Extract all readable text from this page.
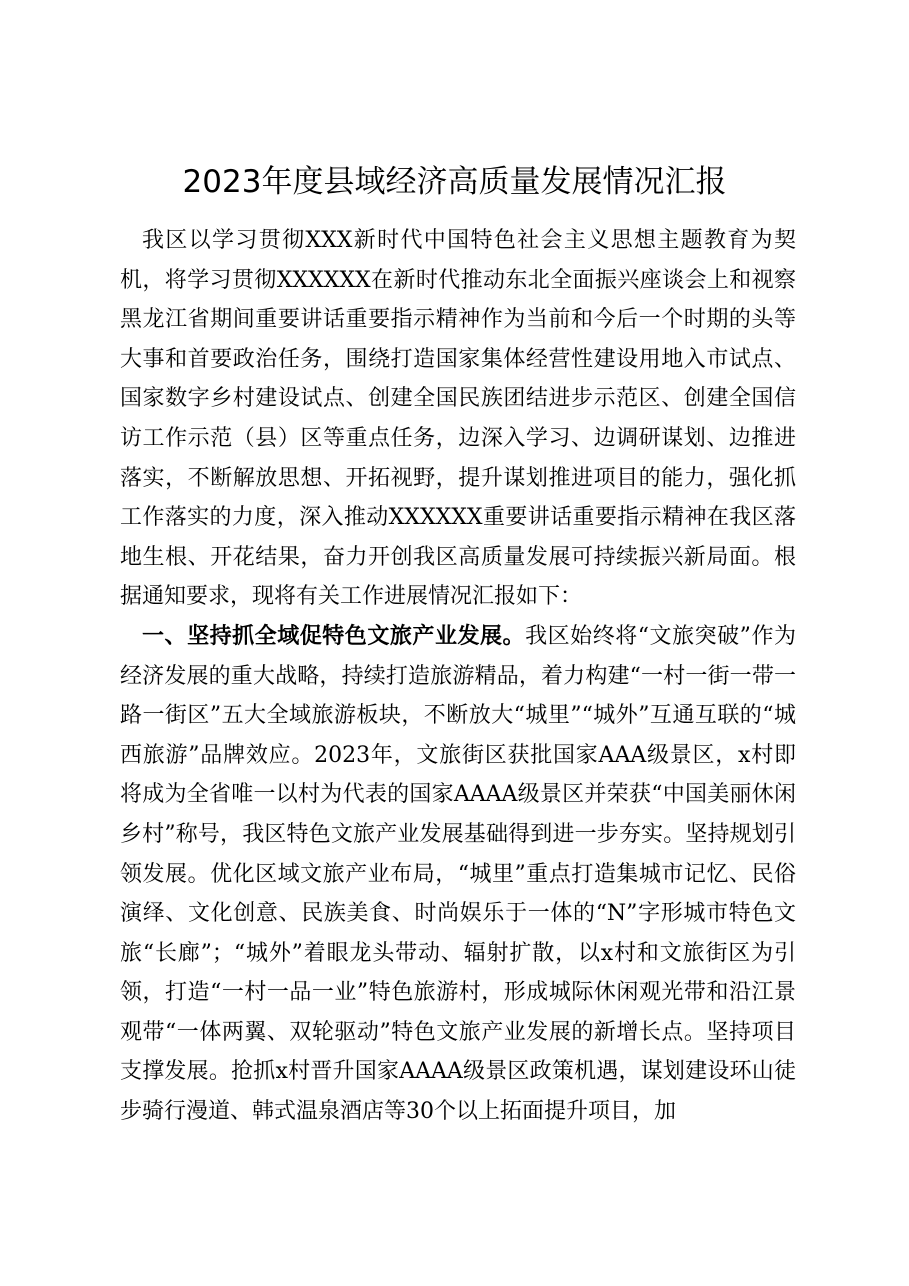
2023年度县域经济高质量发展情况汇报

我区以学习贯彻XXX新时代中国特色社会主义思想主题教育为契机，将学习贯彻XXXXXX在新时代推动东北全面振兴座谈会上和视察黑龙江省期间重要讲话重要指示精神作为当前和今后一个时期的头等大事和首要政治任务，围绕打造国家集体经营性建设用地入市试点、国家数字乡村建设试点、创建全国民族团结进步示范区、创建全国信访工作示范（县）区等重点任务，边深入学习、边调研谋划、边推进落实，不断解放思想、开拓视野，提升谋划推进项目的能力，强化抓工作落实的力度，深入推动XXXXXX重要讲话重要指示精神在我区落地生根、开花结果，奋力开创我区高质量发展可持续振兴新局面。根据通知要求，现将有关工作进展情况汇报如下：

一、坚持抓全域促特色文旅产业发展。我区始终将“文旅突破”作为经济发展的重大战略，持续打造旅游精品，着力构建“一村一街一带一路一街区”五大全域旅游板块，不断放大“城里”“城外”互通互联的“城西旅游”品牌效应。2023年，文旅街区获批国家AAA级景区，x村即将成为全省唯一以村为代表的国家AAAA级景区并荣获“中国美丽休闲乡村”称号，我区特色文旅产业发展基础得到进一步夯实。坚持规划引领发展。优化区域文旅产业布局，“城里”重点打造集城市记忆、民俗演绎、文化创意、民族美食、时尚娱乐于一体的“N”字形城市特色文旅“长廊”；“城外”着眼龙头带动、辐射扩散，以x村和文旅街区为引领，打造“一村一品一业”特色旅游村，形成城际休闲观光带和沿江景观带“一体两翼、双轮驱动”特色文旅产业发展的新增长点。坚持项目支撑发展。抢抓x村晋升国家AAAA级景区政策机遇，谋划建设环山徒步骑行漫道、韩式温泉酒店等30个以上拓面提升项目，加
